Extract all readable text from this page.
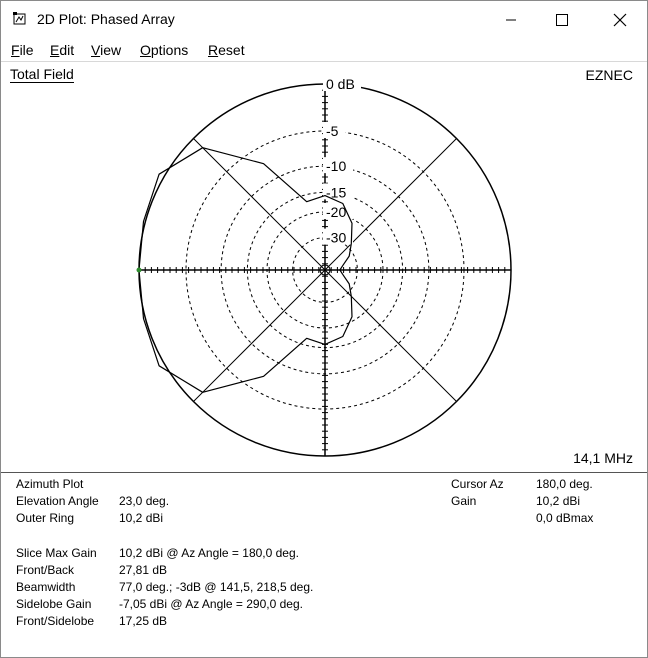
2D Plot: Phased Array
File Edit View Options Reset
Total Field	EZNEC
0 dB
-5
-10
-15
-20
-30
14,1 MHz
Azimuth Plot
Elevation Angle 23,0 deg.
Outer Ring	10,2 dBi
Slice Max Gain 10,2 dBi @ Az Angle = 180,0 deg.
Front/Back	27,81 dB
Beamwidth	77,0 deg.; -3dB @ 141,5, 218,5 deg.
Sidelobe Gain -7,05 dBi @ Az Angle = 290,0 deg.
Front/Sidelobe 17,25 dB
Cursor Az	180,0 deg.
Gain	10,2 dBi
0,0 dBmax
